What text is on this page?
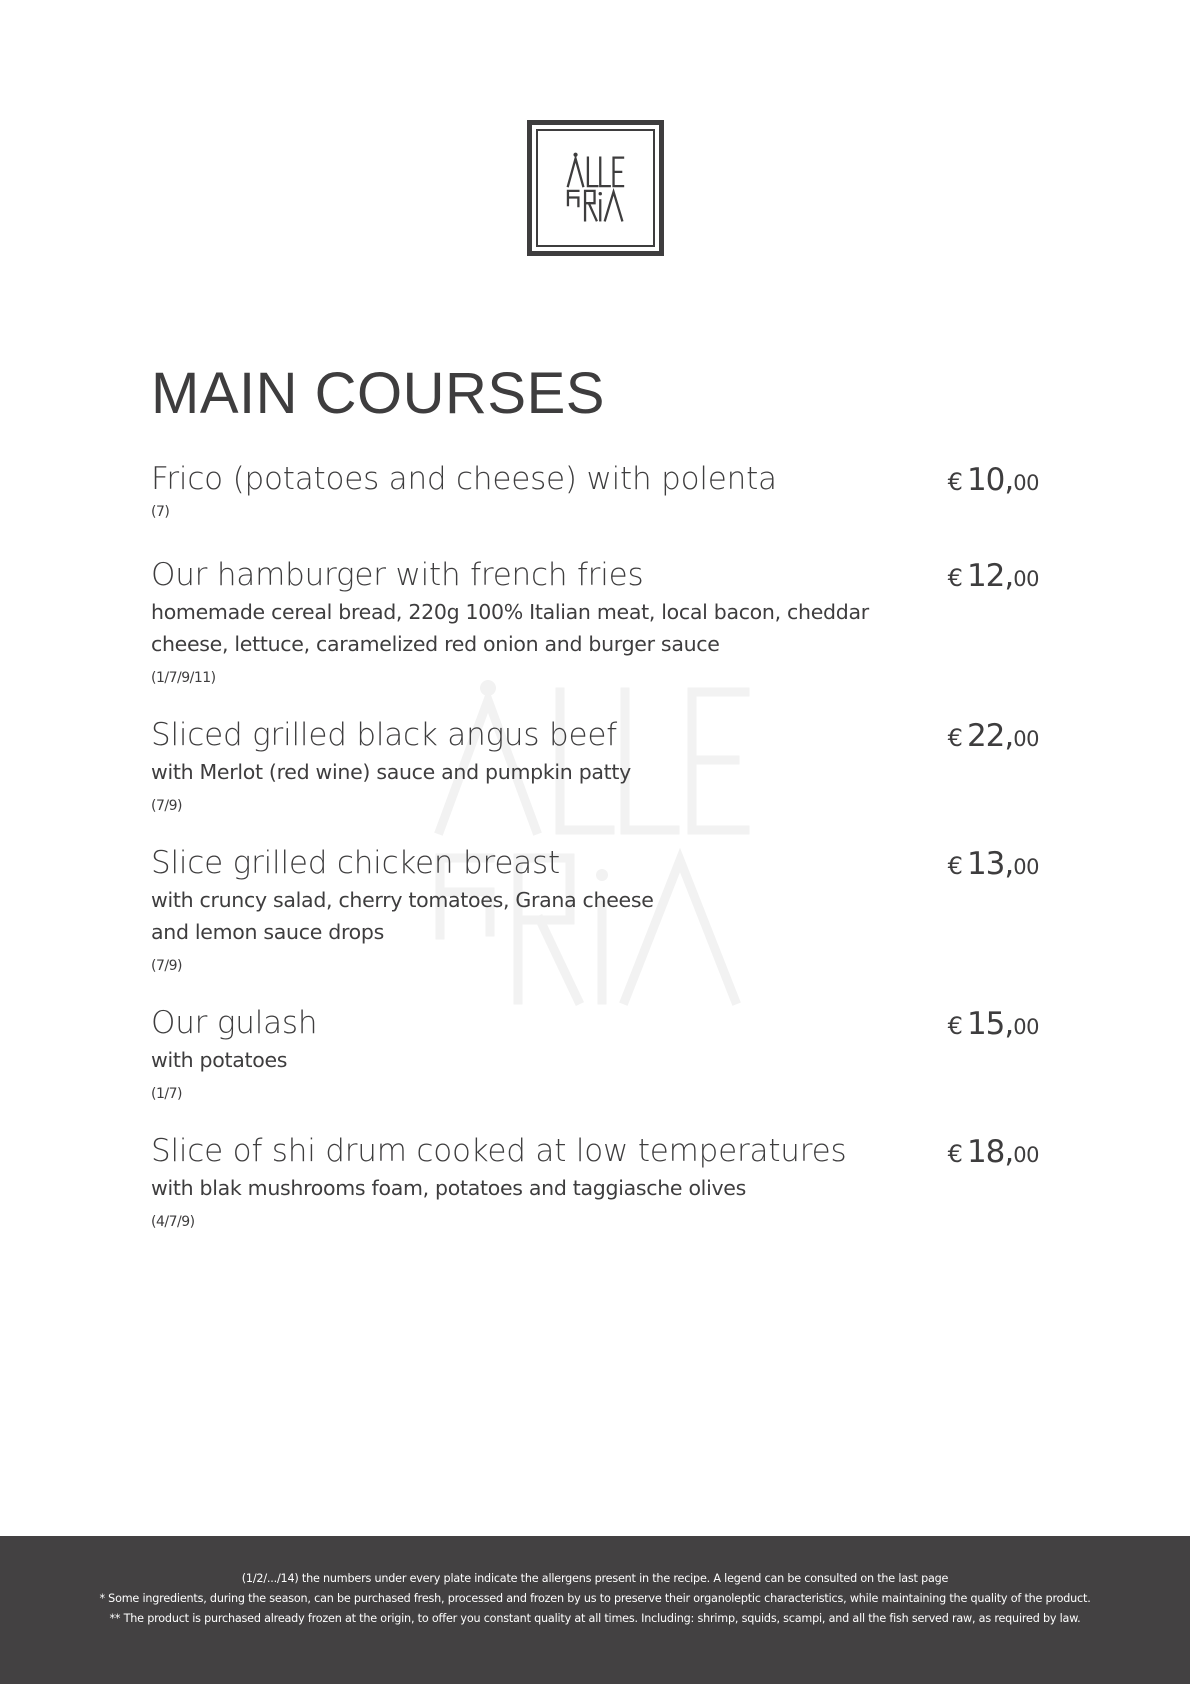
MAIN COURSES
Frico (potatoes and cheese) with polenta
(7)
€ 10,00
Our hamburger with french fries
homemade cereal bread, 220g 100% Italian meat, local bacon, cheddar cheese, lettuce, caramelized red onion and burger sauce
(1/7/9/11)
€ 12,00
Sliced grilled black angus beef
with Merlot (red wine) sauce and pumpkin patty
(7/9)
€ 22,00
Slice grilled chicken breast
with cruncy salad, cherry tomatoes, Grana cheese
and lemon sauce drops
(7/9)
€ 13,00
Our gulash
with potatoes
(1/7)
€ 15,00
Slice of shi drum cooked at low temperatures
with blak mushrooms foam, potatoes and taggiasche olives
(4/7/9)
€ 18,00

(1/2/.../14) the numbers under every plate indicate the allergens present in the recipe. A legend can be consulted on the last page

* Some ingredients, during the season, can be purchased fresh, processed and frozen by us to preserve their organoleptic characteristics, while maintaining the quality of the product.

** The product is purchased already frozen at the origin, to offer you constant quality at all times. Including: shrimp, squids, scampi, and all the fish served raw, as required by law.
